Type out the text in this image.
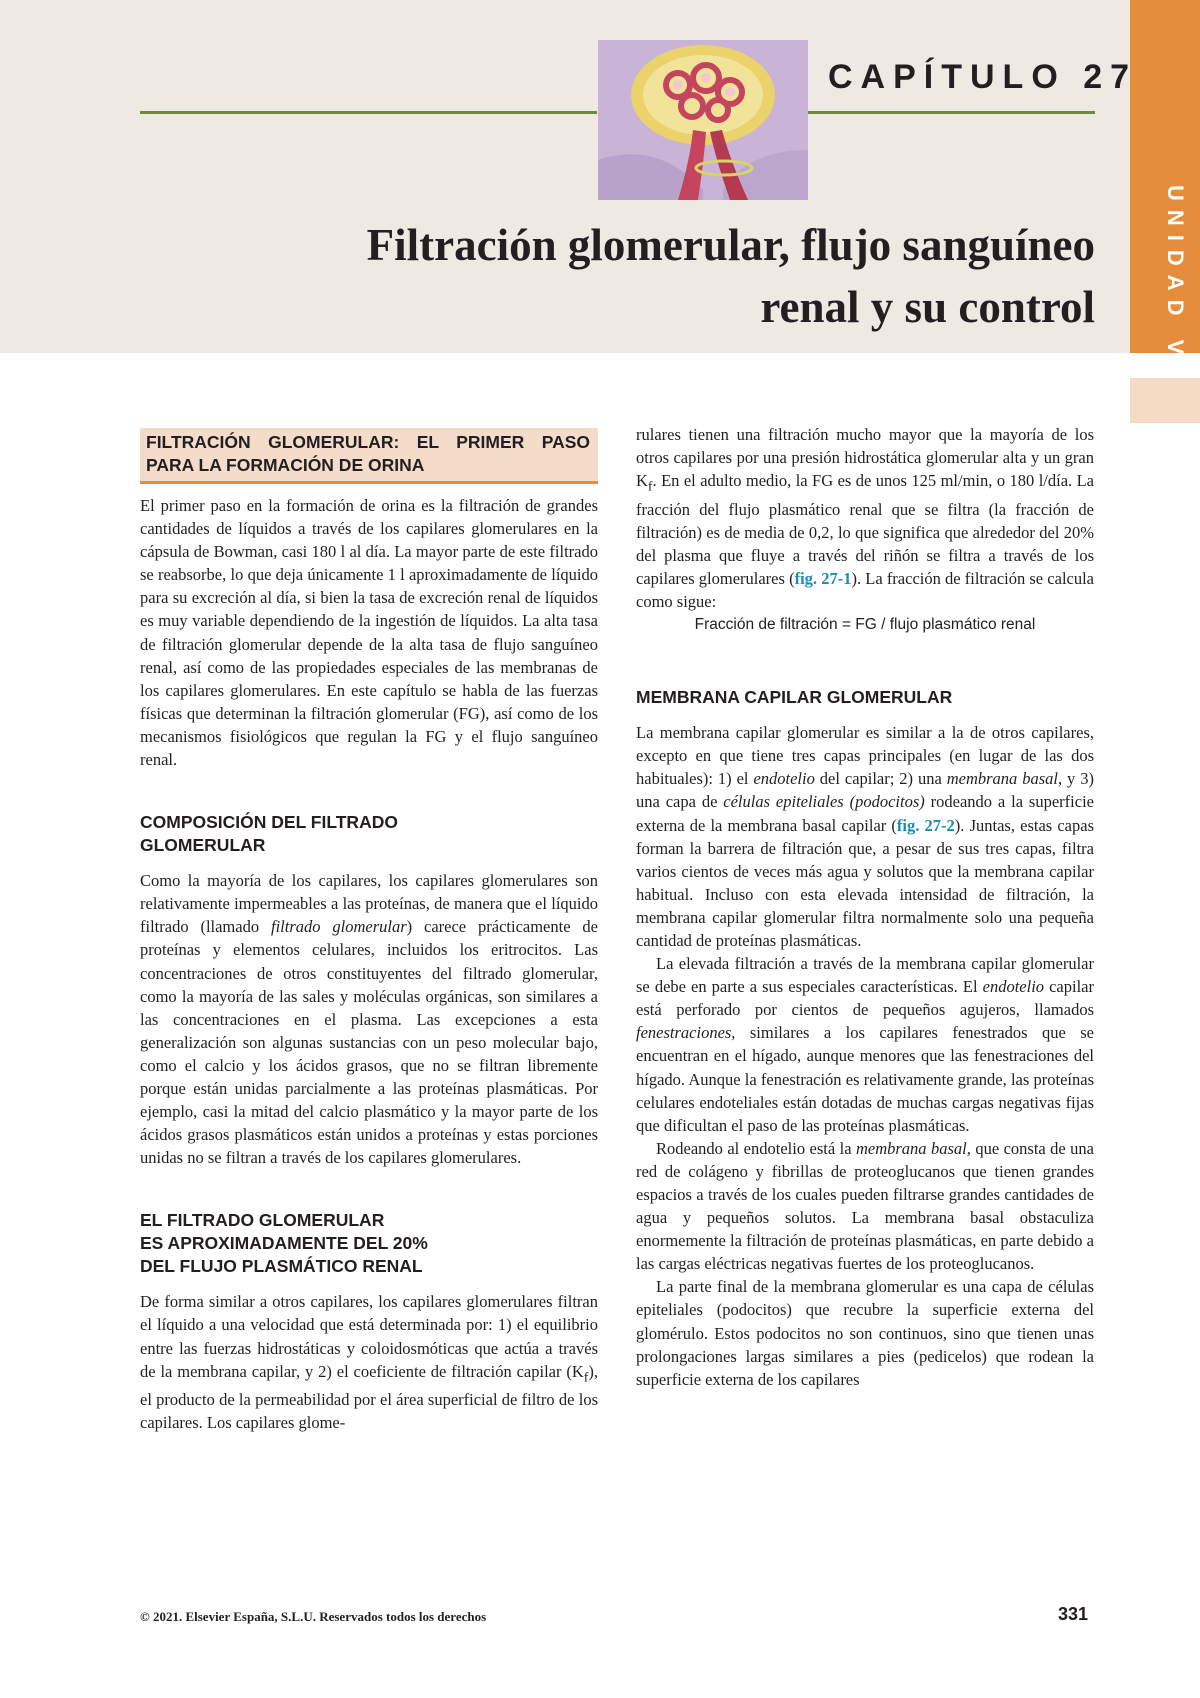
UNIDAD V
CAPÍTULO 27
Filtración glomerular, flujo sanguíneo
renal y su control
FILTRACIÓN GLOMERULAR: EL PRIMER PASO PARA LA FORMACIÓN DE ORINA

El primer paso en la formación de orina es la filtración de grandes cantidades de líquidos a través de los capilares glomerulares en la cápsula de Bowman, casi 180 l al día. La mayor parte de este filtrado se reabsorbe, lo que deja únicamente 1 l aproximadamente de líquido para su excreción al día, si bien la tasa de excreción renal de líquidos es muy variable dependiendo de la ingestión de líquidos. La alta tasa de filtración glomerular depende de la alta tasa de flujo sanguíneo renal, así como de las propiedades especiales de las membranas de los capilares glomerulares. En este capítulo se habla de las fuerzas físicas que determinan la filtración glomerular (FG), así como de los mecanismos fisiológicos que regulan la FG y el flujo sanguíneo renal.

COMPOSICIÓN DEL FILTRADO
GLOMERULAR

Como la mayoría de los capilares, los capilares glomerulares son relativamente impermeables a las proteínas, de manera que el líquido filtrado (llamado filtrado glomerular) carece prácticamente de proteínas y elementos celulares, incluidos los eritrocitos. Las concentraciones de otros constituyentes del filtrado glomerular, como la mayoría de las sales y moléculas orgánicas, son similares a las concentraciones en el plasma. Las excepciones a esta generalización son algunas sustancias con un peso molecular bajo, como el calcio y los ácidos grasos, que no se filtran libremente porque están unidas parcialmente a las proteínas plasmáticas. Por ejemplo, casi la mitad del calcio plasmático y la mayor parte de los ácidos grasos plasmáticos están unidos a proteínas y estas porciones unidas no se filtran a través de los capilares glomerulares.

EL FILTRADO GLOMERULAR
ES APROXIMADAMENTE DEL 20%
DEL FLUJO PLASMÁTICO RENAL

De forma similar a otros capilares, los capilares glomerulares filtran el líquido a una velocidad que está determinada por: 1) el equilibrio entre las fuerzas hidrostáticas y coloidosmóticas que actúa a través de la membrana capilar, y 2) el coeficiente de filtración capilar $(K_f)$, el producto de la permeabilidad por el área superficial de filtro de los capilares. Los capilares glome-

rulares tienen una filtración mucho mayor que la mayoría de los otros capilares por una presión hidrostática glomerular alta y un gran $K_f$. En el adulto medio, la FG es de unos 125 ml/min, o 180 l/día. La fracción del flujo plasmático renal que se filtra (la fracción de filtración) es de media de 0,2, lo que significa que alrededor del 20% del plasma que fluye a través del riñón se filtra a través de los capilares glomerulares (fig. 27-1). La fracción de filtración se calcula como sigue:

Fracción de filtración = FG / flujo plasmático renal

MEMBRANA CAPILAR GLOMERULAR

La membrana capilar glomerular es similar a la de otros capilares, excepto en que tiene tres capas principales (en lugar de las dos habituales): 1) el endotelio del capilar; 2) una membrana basal, y 3) una capa de células epiteliales (podocitos) rodeando a la superficie externa de la membrana basal capilar (fig. 27-2). Juntas, estas capas forman la barrera de filtración que, a pesar de sus tres capas, filtra varios cientos de veces más agua y solutos que la membrana capilar habitual. Incluso con esta elevada intensidad de filtración, la membrana capilar glomerular filtra normalmente solo una pequeña cantidad de proteínas plasmáticas.

La elevada filtración a través de la membrana capilar glomerular se debe en parte a sus especiales características. El endotelio capilar está perforado por cientos de pequeños agujeros, llamados fenestraciones, similares a los capilares fenestrados que se encuentran en el hígado, aunque menores que las fenestraciones del hígado. Aunque la fenestración es relativamente grande, las proteínas celulares endoteliales están dotadas de muchas cargas negativas fijas que dificultan el paso de las proteínas plasmáticas.

Rodeando al endotelio está la membrana basal, que consta de una red de colágeno y fibrillas de proteoglucanos que tienen grandes espacios a través de los cuales pueden filtrarse grandes cantidades de agua y pequeños solutos. La membrana basal obstaculiza enormemente la filtración de proteínas plasmáticas, en parte debido a las cargas eléctricas negativas fuertes de los proteoglucanos.

La parte final de la membrana glomerular es una capa de células epiteliales (podocitos) que recubre la superficie externa del glomérulo. Estos podocitos no son continuos, sino que tienen unas prolongaciones largas similares a pies (pedicelos) que rodean la superficie externa de los capilares

© 2021. Elsevier España, S.L.U. Reservados todos los derechos	331
